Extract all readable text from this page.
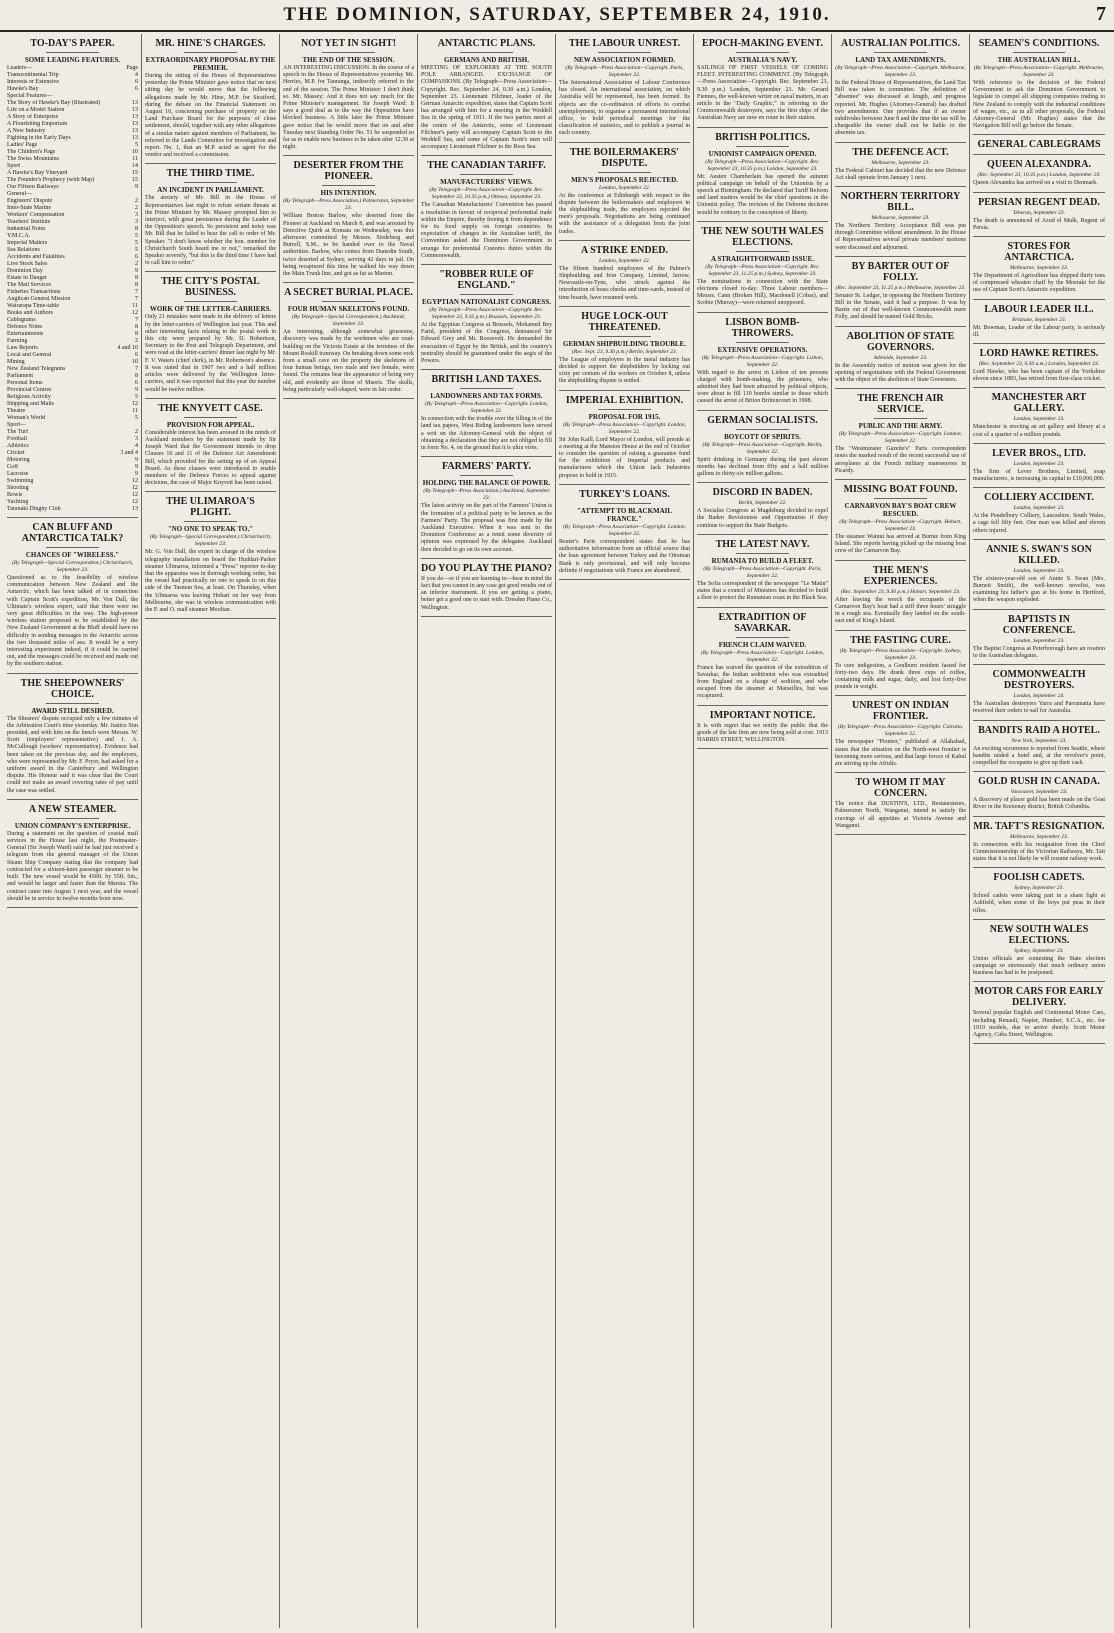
THE DOMINION, SATURDAY, SEPTEMBER 24, 1910.	7
TO-DAY'S PAPER.
SOME LEADING FEATURES.
Leaders—	Page
Transcontinental Trip	4
Interests or Extensive	6
Hawke's Bay	6
Special Features—
The Story of Hawke's Bay (Illustrated)	13
Life on a Model Station	13
A Story of Enterprise	13
A Flourishing Emporium	13
A New Industry	13
Fighting in the Early Days	13
Ladies' Page	5
The Children's Page	10
The Swiss Mountains	11
Sport	14
A Hawke's Bay Vineyard	15
The Founder's Prophecy (with Map)	15
Our Fifteen Railways	9
General—
Engineers' Dispute	2
Inter-State Marine	2
Workers' Compensation	3
Teachers' Institute	3
Industrial Notes	8
Y.M.C.A.	5
Imperial Matters	5
Sea Relations	5
Accidents and Fatalities	6
Live Stock Sales	2
Dominion Day	9
Estate in Danger	8
The Mail Services	8
Fisheries Transactions	7
Anglican General Mission	7
Wairarapa Time-table	11
Books and Authors	12
Cablegrams	7
Defence Notes	8
Entertainments	8
Farming	2
Law Reports	4 and 10
Local and General	6
Mining	10
New Zealand Telegrams	7
Parliament	8
Personal Items	6
Provincial Centres	9
Religious Activity	5
Shipping and Mails	12
Theatre	11
Woman's World	5
Sport—
The Turf	2
Football	3
Athletics	4
Cricket	3 and 4
Motoring	9
Golf	9
Lacrosse	9
Swimming	12
Shooting	12
Bowls	12
Yachting	12
Taranaki Dinghy Club	13
CAN BLUFF AND ANTARCTICA TALK?
CHANCES OF "WIRELESS."
(By Telegraph—Special Correspondent.) Christchurch, September 23.

Questioned as to the feasibility of wireless communication between New Zealand and the Antarctic, which has been talked of in connection with Captain Scott's expedition, Mr. Von Dall, the Ultimate's wireless expert, said that there were no very great difficulties in the way. The high-power wireless station proposed to be established by the New Zealand Government at the Bluff should have no difficulty in sending messages to the Antarctic across the two thousand miles of sea. It would be a very interesting experiment indeed, if it could be carried out, and the messages could be received and made out by the southern station.

THE SHEEPOWNERS' CHOICE.
AWARD STILL DESIRED.

The Shearers' dispute occupied only a few minutes of the Arbitration Court's time yesterday. Mr. Justice Sim presided, and with him on the bench were Messrs. W. Scott (employers' representative) and J. A. McCullough (workers' representative). Evidence had been taken on the previous day, and the employers, who were represented by Mr. F. Pryor, had asked for a uniform award in the Canterbury and Wellington dispute. His Honour said it was clear that the Court could not make an award covering rates of pay until the case was settled.

A NEW STEAMER.
UNION COMPANY'S ENTERPRISE.

During a statement on the question of coastal mail services in the House last night, the Postmaster-General (Sir Joseph Ward) said he had just received a telegram from the general manager of the Union Steam Ship Company stating that the company had contracted for a sixteen-knot passenger steamer to be built. The new vessel would be 450ft. by 55ft. 6in., and would be larger and faster than the Maruia. The contract came into August 1 next year, and the vessel should be in service in twelve months from now.

MR. HINE'S CHARGES.
EXTRAORDINARY PROPOSAL BY THE PREMIER.

During the sitting of the House of Representatives yesterday the Prime Minister gave notice that on next sitting day he would move that the following allegations made by Mr. Hine, M.P. for Stratford, during the debate on the Financial Statement on August 10, concerning purchase of property on the Land Purchase Board for the purposes of close settlement, should, together with any other allegations of a similar nature against members of Parliament, be referred to the Lands Committee for investigation and report. No. 1, that an M.P. acted as agent for the vendor and received a commission.

THE THIRD TIME.
AN INCIDENT IN PARLIAMENT.

The anxiety of Mr. Bill in the House of Representatives last night to refute certain threats at the Prime Minister by Mr. Massey prompted him to interject, with great persistence during the Leader of the Opposition's speech. So persistent and noisy was Mr. Bill that he failed to hear the call to order of Mr. Speaker. "I don't know whether the hon. member for Christchurch South heard me or not," remarked the Speaker severely, "but this is the third time I have had to call him to order."

THE CITY'S POSTAL BUSINESS.
WORK OF THE LETTER-CARRIERS.

Only 21 mistakes were made in the delivery of letters by the letter-carriers of Wellington last year. This and other interesting facts relating to the postal work in this city were prepared by Mr. D. Robertson, Secretary to the Post and Telegraph Department, and were read at the letter-carriers' dinner last night by Mr. F. V. Waters (chief clerk), in Mr. Robertson's absence. It was stated that in 1907 two and a half million articles were delivered by the Wellington letter-carriers, and it was expected that this year the number would be twelve million.

THE KNYVETT CASE.
PROVISION FOR APPEAL.

Considerable interest has been aroused in the minds of Auckland members by the statement made by Sir Joseph Ward that the Government intends to drop Clauses 10 and 11 of the Defence Act Amendment Bill, which provided for the setting up of an Appeal Board. As these clauses were introduced to enable members of the Defence Forces to appeal against decisions, the case of Major Knyvett has been raised.

THE ULIMAROA'S PLIGHT.
"NO ONE TO SPEAK TO."
(By Telegraph—Special Correspondent.) Christchurch, September 23.

Mr. G. Von Dall, the expert in charge of the wireless telegraphy installation on board the Huddart-Parker steamer Ulimaroa, informed a "Press" reporter to-day that the apparatus was in thorough working order, but the vessel had practically no one to speak to on this side of the Tasman Sea, at least. On Thursday, when the Ulimaroa was leaving Hobart on her way from Melbourne, she was in wireless communication with the P. and O. mail steamer Mooltan.

NOT YET IN SIGHT!
THE END OF THE SESSION.

AN INTERESTING DISCUSSION. In the course of a speech in the House of Representatives yesterday Mr. Herries, M.P. for Tauranga, indirectly referred to the end of the session. The Prime Minister: I don't think so. Mr. Massey: And it does not say much for the Prime Minister's management. Sir Joseph Ward: It says a good deal as to the way the Opposition have blocked business. A little later the Prime Minister gave notice that he would move that on and after Tuesday next Standing Order No. 51 be suspended so far as to enable new business to be taken after 12.30 at night.

DESERTER FROM THE PIONEER.
HIS INTENTION.
(By Telegraph—Press Association.) Palmerston, September 23.

William Boston Barlow, who deserted from the Pioneer at Auckland on March 8, and was arrested by Detective Quirk at Komata on Wednesday, was this afternoon committed by Messrs. Siedeberg and Burrell, S.M., to be handed over to the Naval authorities. Barlow, who comes from Dunedin South, twice deserted at Sydney, serving 42 days in jail. On being recaptured this time he walked his way down the Main Trunk line, and got as far as Marton.

A SECRET BURIAL PLACE.
FOUR HUMAN SKELETONS FOUND.
(By Telegraph—Special Correspondent.) Auckland, September 23.

An interesting, although somewhat gruesome, discovery was made by the workmen who are road-building on the Victoria Estate at the terminus of the Mount Roskill tramway. On breaking down some rock from a small cave on the property the skeletons of four human beings, two male and two female, were found. The remains bear the appearance of being very old, and evidently are those of Maoris. The skulls, being particularly well-shaped, were in fair order.

ANTARCTIC PLANS.
GERMANS AND BRITISH.

MEETING OF EXPLORERS AT THE SOUTH POLE ARRANGED. EXCHANGE OF COMPANIONS. (By Telegraph—Press Association—Copyright. Rec. September 24, 0.30 a.m.) London, September 23. Lieutenant Filchner, leader of the German Antarctic expedition, states that Captain Scott has arranged with him for a meeting in the Weddell Sea in the spring of 1911. If the two parties meet at the centre of the Antarctic, some of Lieutenant Filchner's party will accompany Captain Scott to the Weddell Sea, and some of Captain Scott's men will accompany Lieutenant Filchner to the Ross Sea.

THE CANADIAN TARIFF.
MANUFACTURERS' VIEWS.
(By Telegraph—Press Association—Copyright. Rec. September 23, 10.35 p.m.) Ottawa, September 23.

The Canadian Manufacturers' Convention has passed a resolution in favour of reciprocal preferential trade within the Empire, thereby freeing it from dependence for its food supply on foreign countries. In expectation of changes in the Australian tariff, the Convention asked the Dominion Government to arrange for preferential Customs duties within the Commonwealth.

"ROBBER RULE OF ENGLAND."
EGYPTIAN NATIONALIST CONGRESS.
(By Telegraph—Press Association—Copyright. Rec. September 23, 9.35 p.m.) Brussels, September 23.

At the Egyptian Congress at Brussels, Mohamed Bey Farid, president of the Congress, denounced Sir Edward Grey and Mr. Roosevelt. He demanded the evacuation of Egypt by the British, and the country's neutrality should be guaranteed under the aegis of the Powers.

BRITISH LAND TAXES.
LANDOWNERS AND TAX FORMS.
(By Telegraph—Press Association—Copyright. London, September 22.

In connection with the trouble over the filling in of the land tax papers, West Riding landowners have served a writ on the Attorney-General with the object of obtaining a declaration that they are not obliged to fill in form No. 4, on the ground that it is ultra vires.

FARMERS' PARTY.
HOLDING THE BALANCE OF POWER.
(By Telegraph—Press Association.) Auckland, September 23.

The latest activity on the part of the Farmers' Union is the formation of a political party to be known as the Farmers' Party. The proposal was first made by the Auckland Executive. When it was sent to the Dominion Conference as a remit some diversity of opinion was expressed by the delegates. Auckland then decided to go on its own account.

DO YOU PLAY THE PIANO?

If you do—or if you are learning to—bear in mind the fact that you cannot in any case get good results out of an inferior instrument. If you are getting a piano, better get a good one to start with. Dresden Piano Co., Wellington.

THE LABOUR UNREST.
NEW ASSOCIATION FORMED.
(By Telegraph—Press Association—Copyright. Paris, September 22.

The International Association of Labour Conference has closed. An international association, on which Australia will be represented, has been formed. Its objects are the co-ordination of efforts to combat unemployment, to organise a permanent international office, to hold periodical meetings for the classification of statistics, and to publish a journal in each country.

THE BOILERMAKERS' DISPUTE.
MEN'S PROPOSALS REJECTED.
London, September 22.

At the conference at Edinburgh with respect to the dispute between the boilermakers and employers in the shipbuilding trade, the employers rejected the men's proposals. Negotiations are being continued with the assistance of a delegation from the joint trades.

A STRIKE ENDED.
London, September 22.

The fifteen hundred employees of the Palmer's Shipbuilding and Iron Company, Limited, Jarrow, Newcastle-on-Tyne, who struck against the introduction of brass checks and time-cards, instead of time boards, have resumed work.

HUGE LOCK-OUT THREATENED.
GERMAN SHIPBUILDING TROUBLE.
(Rec. Sept. 23, 9.30 p.m.) Berlin, September 23.

The League of employers in the metal industry has decided to support the shipbuilders by locking out sixty per centum of the workers on October 8, unless the shipbuilding dispute is settled.

IMPERIAL EXHIBITION.
PROPOSAL FOR 1915.
(By Telegraph—Press Association—Copyright. London, September 22.

Sir John Kaill, Lord Mayor of London, will preside at a meeting at the Mansion House at the end of October to consider the question of raising a guarantee fund for the exhibition of Imperial products and manufactures which the Union Jack Industries propose to hold in 1915.

TURKEY'S LOANS.
"ATTEMPT TO BLACKMAIL FRANCE."
(By Telegraph—Press Association—Copyright. London, September 22.

Reuter's Paris correspondent states that he has authoritative information from an official source that the loan agreement between Turkey and the Ottoman Bank is only provisional, and will only become definite if negotiations with France are abandoned.

EPOCH-MAKING EVENT.
AUSTRALIA'S NAVY.

SAILINGS OF FIRST VESSELS OF COMING FLEET. INTERESTING COMMENT. (By Telegraph—Press Association—Copyright. Rec. September 23, 9.30 p.m.) London, September 23. Mr. Gerard Fiennes, the well-known writer on naval matters, in an article in the "Daily Graphic," in referring to the Commonwealth destroyers, says the first ships of the Australian Navy are now en route to their station.

BRITISH POLITICS.
UNIONIST CAMPAIGN OPENED.
(By Telegraph—Press Association—Copyright. Rec. September 23, 10.35 p.m.) London, September 23.

Mr. Austen Chamberlain has opened the autumn political campaign on behalf of the Unionists by a speech at Birmingham. He declared that Tariff Reform and land matters would be the chief questions in the Unionist policy. The revision of the Osborne decision would be contrary to the conception of liberty.

THE NEW SOUTH WALES ELECTIONS.
A STRAIGHTFORWARD ISSUE.
(By Telegraph—Press Association—Copyright. Rec. September 23, 11.25 p.m.) Sydney, September 23.

The nominations in connection with the State elections closed to-day. Three Labour members—Messrs. Cann (Broken Hill), Macdonell (Cobar), and Scobie (Murray)—were returned unopposed.

LISBON BOMB-THROWERS.
EXTENSIVE OPERATIONS.
(By Telegraph—Press Association—Copyright. Lisbon, September 22.

With regard to the arrest in Lisbon of ten persons charged with bomb-making, the prisoners, who admitted they had been attracted by political objects, were about to fill 110 bombs similar to those which caused the arrest of Briton Brittencourt in 1908.

GERMAN SOCIALISTS.
BOYCOTT OF SPIRITS.
(By Telegraph—Press Association—Copyright. Berlin, September 22.

Spirit drinking in Germany during the past eleven months has declined from fifty and a half million gallons to thirty-six million gallons.

DISCORD IN BADEN.
Berlin, September 22.

A Socialist Congress at Magdeburg decided to expel the Baden Revisionists and Opportunists if they continue to support the State Budgets.

THE LATEST NAVY.
RUMANIA TO BUILD A FLEET.
(By Telegraph—Press Association—Copyright. Paris, September 22.

The Sofia correspondent of the newspaper "Le Matin" states that a council of Ministers has decided to build a fleet to protect the Rumanian coast in the Black Sea.

EXTRADITION OF SAVARKAR.
FRENCH CLAIM WAIVED.
(By Telegraph—Press Association—Copyright. London, September 22.

France has waived the question of the extradition of Savarkar, the Indian seditionist who was extradited from England on a charge of sedition, and who escaped from the steamer at Marseilles, but was recaptured.

IMPORTANT NOTICE.

It is with regret that we notify the public that the goods of the late firm are now being sold at cost. 1913 HARRIS STREET, WELLINGTON.

AUSTRALIAN POLITICS.
LAND TAX AMENDMENTS.
(By Telegraph—Press Association—Copyright. Melbourne, September 23.

In the Federal House of Representatives, the Land Tax Bill was taken in committee. The definition of "absentee" was discussed at length, and progress reported. Mr. Hughes (Attorney-General) has drafted two amendments. One provides that if an owner subdivides between June 8 and the time the tax will be chargeable the owner shall not be liable to the absentee tax.

THE DEFENCE ACT.
Melbourne, September 23.

The Federal Cabinet has decided that the new Defence Act shall operate from January 1 next.

NORTHERN TERRITORY BILL.
Melbourne, September 23.

The Northern Territory Acceptance Bill was put through Committee without amendment. In the House of Representatives several private members' motions were discussed and adjourned.

BY BARTER OUT OF FOLLY.
(Rec. September 23, 11.25 p.m.) Melbourne, September 23.

Senator St. Ledger, in opposing the Northern Territory Bill in the Senate, said it had a purpose. It was by Barter out of that well-known Commonwealth mare Folly, and should be named Gold Bricks.

ABOLITION OF STATE GOVERNORS.
Adelaide, September 23.

In the Assembly notice of motion was given for the opening of negotiations with the Federal Government with the object of the abolition of State Governors.

THE FRENCH AIR SERVICE.
PUBLIC AND THE ARMY.
(By Telegraph—Press Association—Copyright. London, September 22.

The "Westminster Gazette's" Paris correspondent notes the marked result of the recent successful use of aeroplanes at the French military manoeuvres in Picardy.

MISSING BOAT FOUND.
CARNARVON BAY'S BOAT CREW RESCUED.
(By Telegraph—Press Association—Copyright. Hobart, September 23.

The steamer Wainui has arrived at Burnie from King Island. She reports having picked up the missing boat crew of the Carnarvon Bay.

THE MEN'S EXPERIENCES.
(Rec. September 23, 9.30 p.m.) Hobart, September 23.

After leaving the wreck the occupants of the Carnarvon Bay's boat had a stiff three hours' struggle in a rough sea. Eventually they landed on the south-east end of King's Island.

THE FASTING CURE.
(By Telegraph—Press Association—Copyright. Sydney, September 23.

To cure indigestion, a Goulburn resident fasted for forty-two days. He drank three cups of coffee, containing milk and sugar, daily, and lost forty-five pounds in weight.

UNREST ON INDIAN FRONTIER.
(By Telegraph—Press Association—Copyright. Calcutta, September 22.

The newspaper "Pioneer," published at Allahabad, states that the situation on the North-west frontier is becoming more serious, and that large forces of Kabul are stirring up the Afridis.

TO WHOM IT MAY CONCERN.

The notice that DUSTIN'S, LTD., Restaurateurs, Palmerston North, Wanganui, intend to satisfy the cravings of all appetites at Victoria Avenue and Wanganui.

SEAMEN'S CONDITIONS.
THE AUSTRALIAN BILL.
(By Telegraph—Press Association—Copyright. Melbourne, September 23.

With reference to the decision of the Federal Government to ask the Dominion Government to legislate to compel all shipping companies trading to New Zealand to comply with the industrial conditions of wages, etc., as in all other proposals, the Federal Attorney-General (Mr. Hughes) states that the Navigation Bill will go before the Senate.

GENERAL CABLEGRAMS
QUEEN ALEXANDRA.
(Rec. September 23, 10.35 p.m.) London, September 23.

Queen Alexandra has arrived on a visit to Denmark.

PERSIAN REGENT DEAD.
Teheran, September 23.

The death is announced of Azud el Mulk, Regent of Persia.

STORES FOR ANTARCTICA.
Melbourne, September 23.

The Department of Agriculture has shipped thirty tons of compressed wheaten chaff by the Moeraki for the use of Captain Scott's Antarctic expedition.

LABOUR LEADER ILL.
Brisbane, September 23.

Mr. Bowman, Leader of the Labour party, is seriously ill.

LORD HAWKE RETIRES.
(Rec. September 23, 0.50 a.m.) London, September 23.

Lord Hawke, who has been captain of the Yorkshire eleven since 1883, has retired from first-class cricket.

MANCHESTER ART GALLERY.
London, September 23.

Manchester is erecting an art gallery and library at a cost of a quarter of a million pounds.

LEVER BROS., LTD.
London, September 23.

The firm of Lever Brothers, Limited, soap manufacturers, is increasing its capital to £10,000,000.

COLLIERY ACCIDENT.
London, September 23.

At the Pendelbury Colliery, Lancashire, South Wales, a cage fell fifty feet. One man was killed and eleven others injured.

ANNIE S. SWAN'S SON KILLED.
London, September 23.

The sixteen-year-old son of Annie S. Swan (Mrs. Burnett Smith), the well-known novelist, was examining his father's gun at his home in Hertford, when the weapon exploded.

BAPTISTS IN CONFERENCE.
London, September 23.

The Baptist Congress at Peterborough have an ovation to the Australian delegates.

COMMONWEALTH DESTROYERS.
London, September 23.

The Australian destroyers Yarra and Parramatta have received their orders to sail for Australia.

BANDITS RAID A HOTEL.
New York, September 23.

An exciting occurrence is reported from Seattle, where bandits raided a hotel and, at the revolver's point, compelled the occupants to give up their cash.

GOLD RUSH IN CANADA.
Vancouver, September 23.

A discovery of placer gold has been made on the Goat River in the Kootenay district, British Columbia.

MR. TAFT'S RESIGNATION.
Melbourne, September 23.

In connection with his resignation from the Chief Commissionership of the Victorian Railways, Mr. Tait states that it is not likely he will resume railway work.

FOOLISH CADETS.
Sydney, September 23.

School cadets were taking part in a sham fight at Ashfield, when some of the boys put peas in their rifles.

NEW SOUTH WALES ELECTIONS.
Sydney, September 23.

Union officials are contesting the State election campaign so strenuously that much ordinary union business has had to be postponed.

MOTOR CARS FOR EARLY DELIVERY.

Several popular English and Continental Motor Cars, including Renault, Napier, Humber, S.C.A., etc. for 1910 models, due to arrive shortly. Scott Motor Agency, Cuba Street, Wellington.
